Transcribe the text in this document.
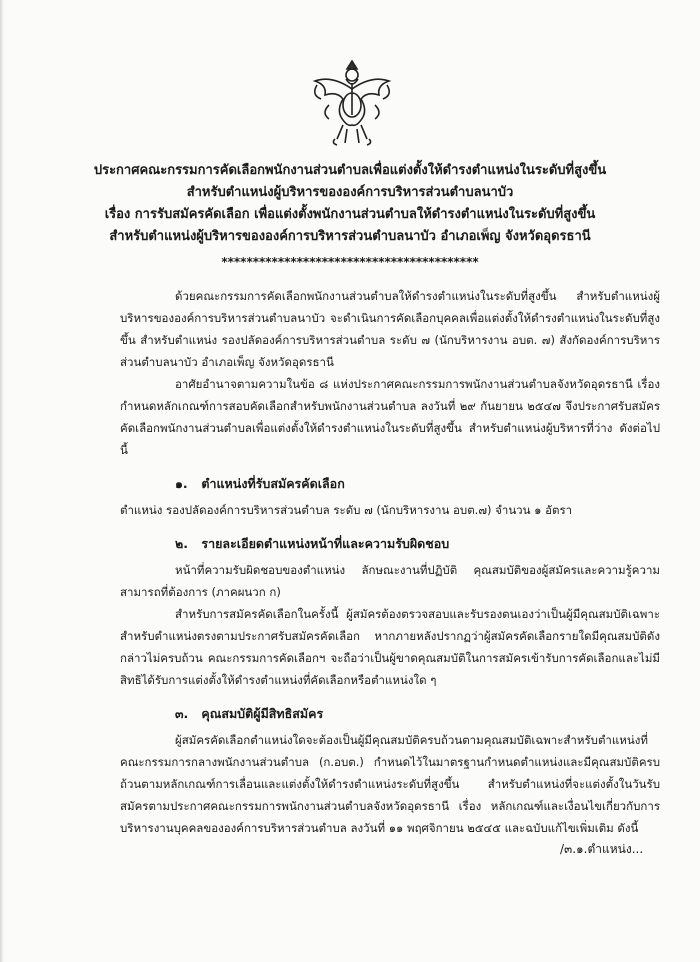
ประกาศคณะกรรมการคัดเลือกพนักงานส่วนตำบลเพื่อแต่งตั้งให้ดำรงตำแหน่งในระดับที่สูงขึ้น
สำหรับตำแหน่งผู้บริหารขององค์การบริหารส่วนตำบลนาบัว
เรื่อง การรับสมัครคัดเลือก เพื่อแต่งตั้งพนักงานส่วนตำบลให้ดำรงตำแหน่งในระดับที่สูงขึ้น
สำหรับตำแหน่งผู้บริหารขององค์การบริหารส่วนตำบลนาบัว อำเภอเพ็ญ จังหวัดอุดรธานี
*****************************************

ด้วยคณะกรรมการคัดเลือกพนักงานส่วนตำบลให้ดำรงตำแหน่งในระดับที่สูงขึ้น สำหรับตำแหน่งผู้บริหารขององค์การบริหารส่วนตำบลนาบัว จะดำเนินการคัดเลือกบุคคลเพื่อแต่งตั้งให้ดำรงตำแหน่งในระดับที่สูงขึ้น สำหรับตำแหน่ง รองปลัดองค์การบริหารส่วนตำบล ระดับ ๗ (นักบริหารงาน อบต. ๗) สังกัดองค์การบริหารส่วนตำบลนาบัว อำเภอเพ็ญ จังหวัดอุดรธานี

อาศัยอำนาจตามความในข้อ ๘ แห่งประกาศคณะกรรมการพนักงานส่วนตำบลจังหวัดอุดรธานี เรื่อง กำหนดหลักเกณฑ์การสอบคัดเลือกสำหรับพนักงานส่วนตำบล ลงวันที่ ๒๙ กันยายน ๒๕๔๗ จึงประกาศรับสมัครคัดเลือกพนักงานส่วนตำบลเพื่อแต่งตั้งให้ดำรงตำแหน่งในระดับที่สูงขึ้น สำหรับตำแหน่งผู้บริหารที่ว่าง ดังต่อไปนี้

๑. ตำแหน่งที่รับสมัครคัดเลือก

ตำแหน่ง รองปลัดองค์การบริหารส่วนตำบล ระดับ ๗ (นักบริหารงาน อบต.๗) จำนวน ๑ อัตรา

๒. รายละเอียดตำแหน่งหน้าที่และความรับผิดชอบ

หน้าที่ความรับผิดชอบของตำแหน่ง ลักษณะงานที่ปฏิบัติ คุณสมบัติของผู้สมัครและความรู้ความสามารถที่ต้องการ (ภาคผนวก ก)

สำหรับการสมัครคัดเลือกในครั้งนี้ ผู้สมัครต้องตรวจสอบและรับรองตนเองว่าเป็นผู้มีคุณสมบัติเฉพาะสำหรับตำแหน่งตรงตามประกาศรับสมัครคัดเลือก หากภายหลังปรากฏว่าผู้สมัครคัดเลือกรายใดมีคุณสมบัติดังกล่าวไม่ครบถ้วน คณะกรรมการคัดเลือกฯ จะถือว่าเป็นผู้ขาดคุณสมบัติในการสมัครเข้ารับการคัดเลือกและไม่มีสิทธิได้รับการแต่งตั้งให้ดำรงตำแหน่งที่คัดเลือกหรือตำแหน่งใด ๆ

๓. คุณสมบัติผู้มีสิทธิสมัคร

ผู้สมัครคัดเลือกตำแหน่งใดจะต้องเป็นผู้มีคุณสมบัติครบถ้วนตามคุณสมบัติเฉพาะสำหรับตำแหน่งที่คณะกรรมการกลางพนักงานส่วนตำบล (ก.อบต.) กำหนดไว้ในมาตรฐานกำหนดตำแหน่งและมีคุณสมบัติครบถ้วนตามหลักเกณฑ์การเลื่อนและแต่งตั้งให้ดำรงตำแหน่งระดับที่สูงขึ้น สำหรับตำแหน่งที่จะแต่งตั้งในวันรับสมัครตามประกาศคณะกรรมการพนักงานส่วนตำบลจังหวัดอุดรธานี เรื่อง หลักเกณฑ์และเงื่อนไขเกี่ยวกับการบริหารงานบุคคลขององค์การบริหารส่วนตำบล ลงวันที่ ๑๑ พฤศจิกายน ๒๕๔๕ และฉบับแก้ไขเพิ่มเติม ดังนี้

/๓.๑.ตำแหน่ง...
